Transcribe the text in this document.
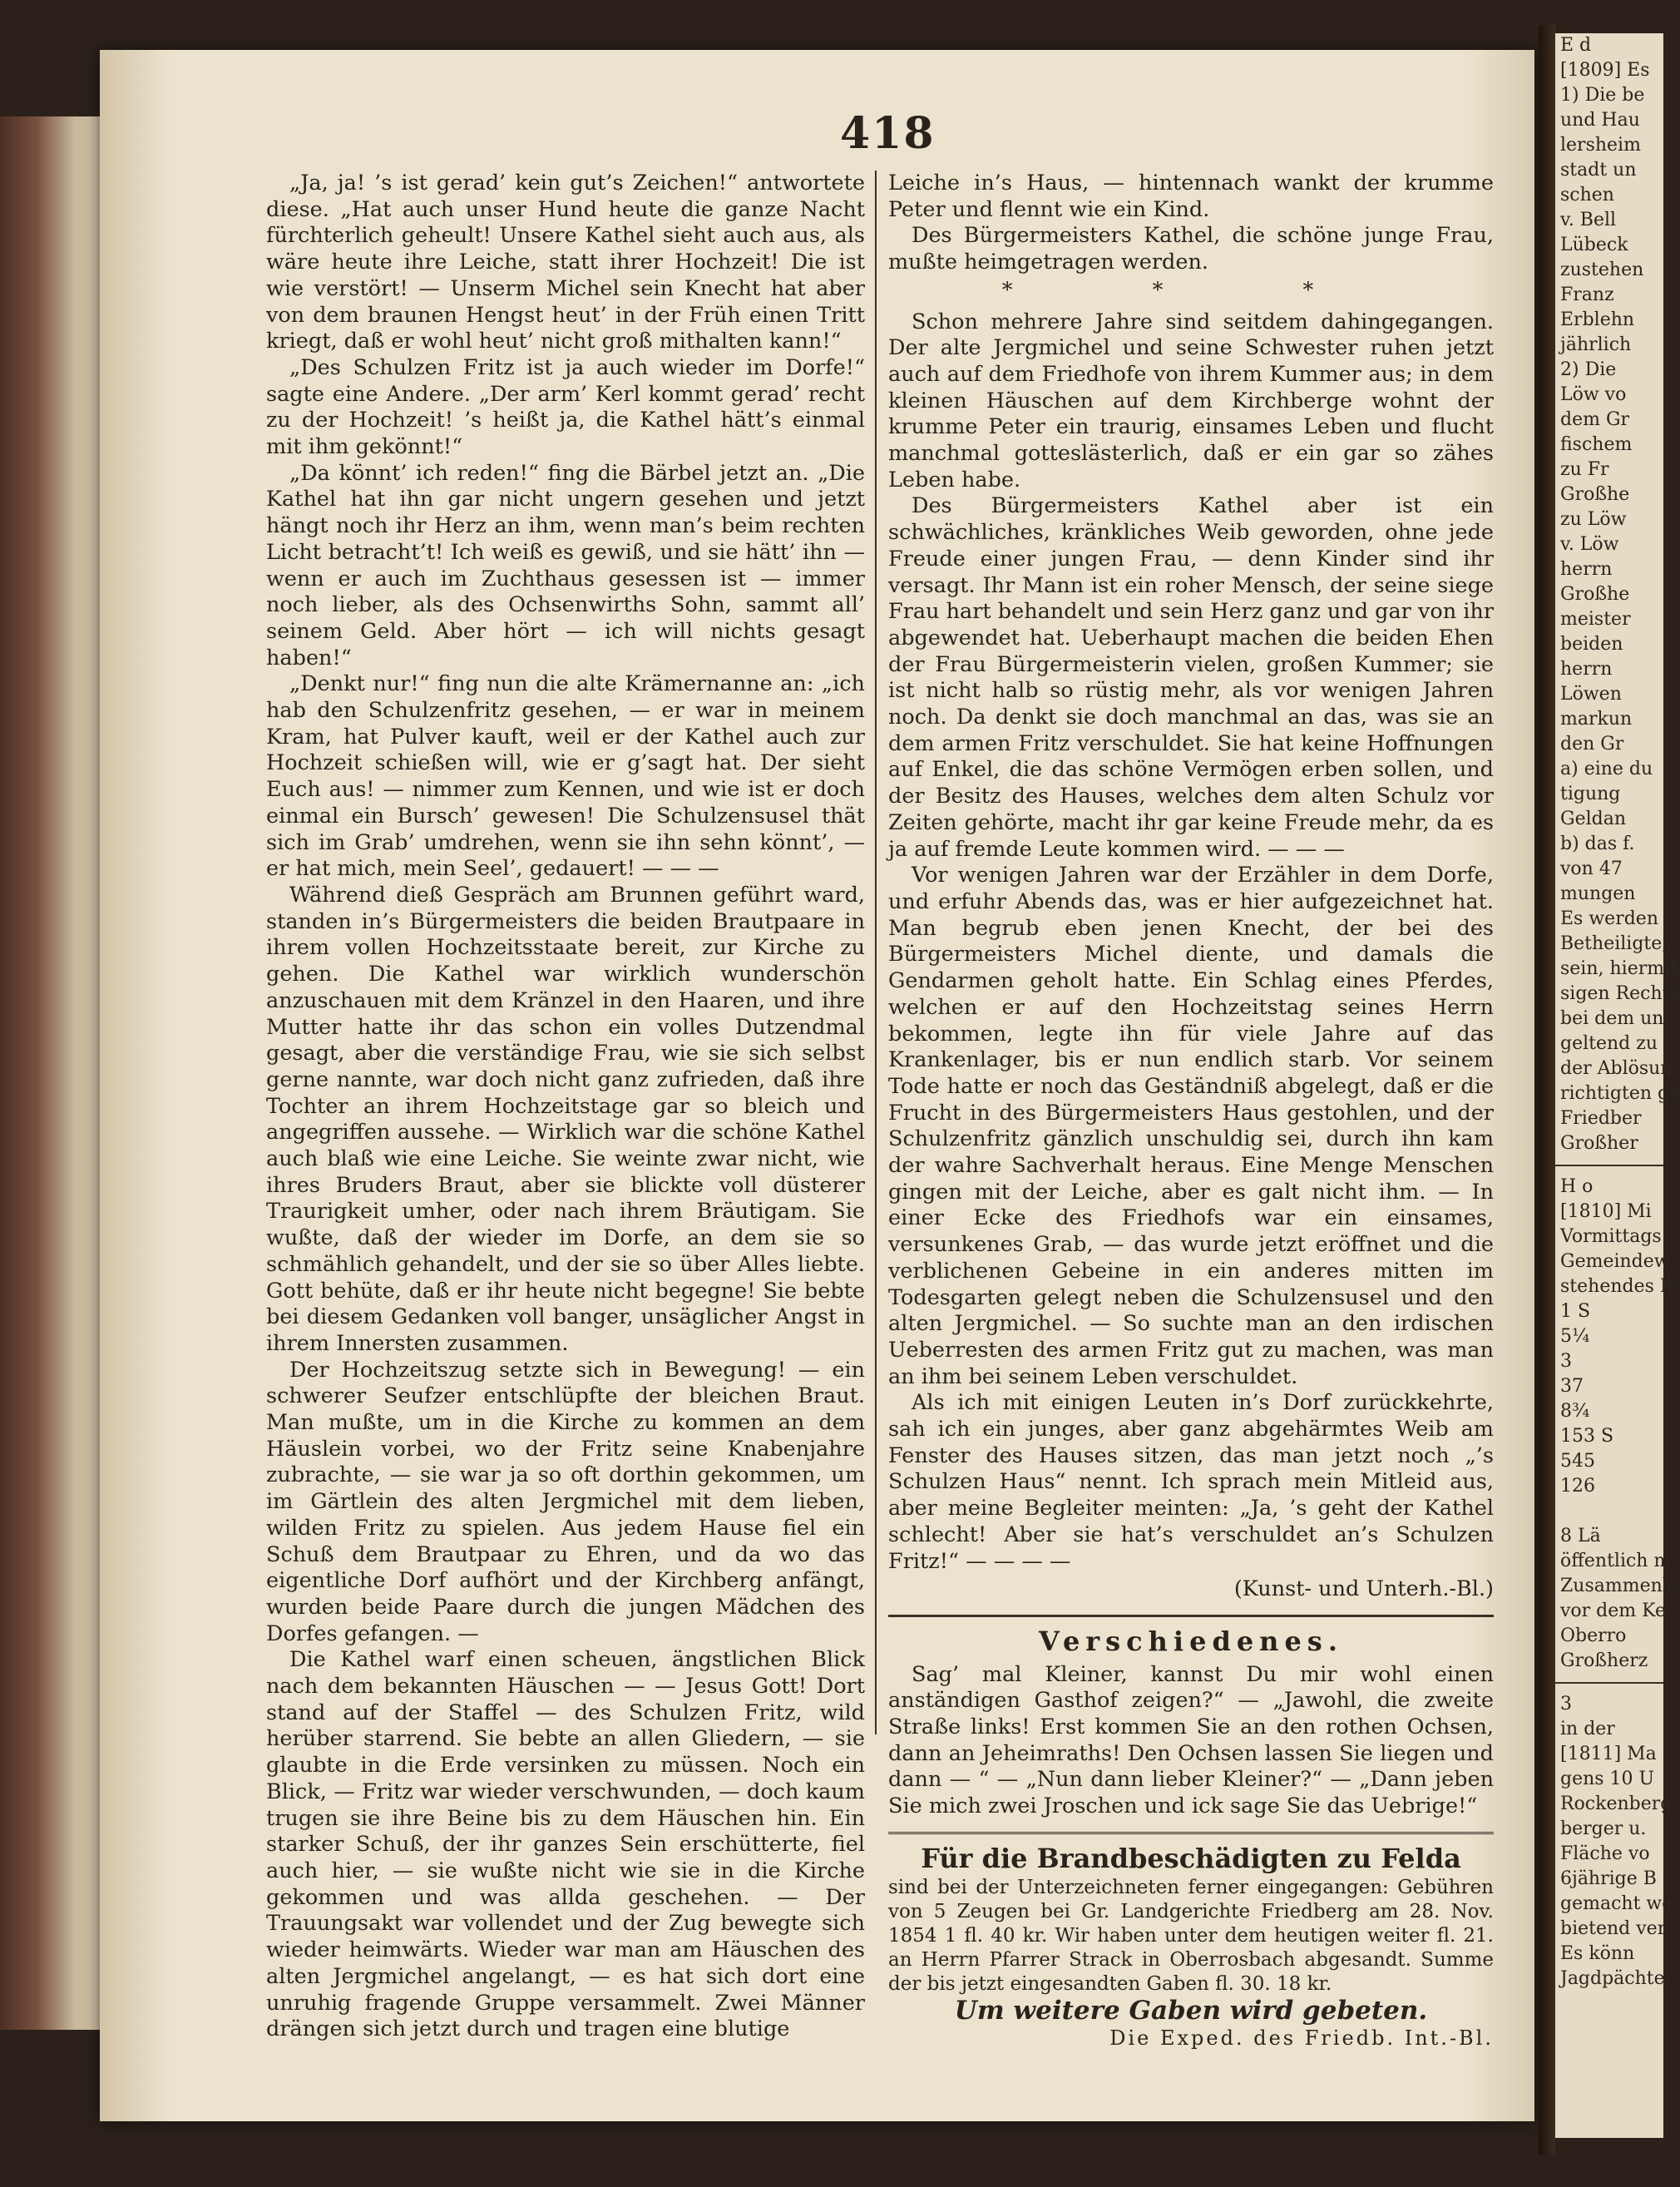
E d
[1809] Es
1) Die be
und Hau
lersheim
stadt un
schen
v. Bell
Lübeck
zustehen
Franz
Erblehn
jährlich
2) Die
Löw vo
dem Gr
fischem
zu Fr
Großhe
zu Löw
v. Löw
herrn
Großhe
meister
beiden
herrn
Löwen
markun
den Gr
a) eine du
tigung
Geldan
b) das f.
von 47
mungen
Es werden
Betheiligte,
sein, hiermit
sigen Rechts
bei dem un
geltend zu
der Ablösun
richtigten ge
Friedber
Großher
H o
[1810] Mi
Vormittags
Gemeindew
stehendes H
1 S
5¼
3
37
8¾
153 S
545
126

8 Lä
öffentlich m
Zusammenk
vor dem Ke
Oberro
Großherz
3
in der
[1811] Ma
gens 10 U
Rockenberg
berger u.
Fläche vo
6jährige B
gemacht we
bietend ver
Es könn
Jagdpächte
418

„Ja, ja! ’s ist gerad’ kein gut’s Zeichen!“ antwortete diese. „Hat auch unser Hund heute die ganze Nacht fürchterlich geheult! Unsere Kathel sieht auch aus, als wäre heute ihre Leiche, statt ihrer Hochzeit! Die ist wie verstört! — Unserm Michel sein Knecht hat aber von dem braunen Hengst heut’ in der Früh einen Tritt kriegt, daß er wohl heut’ nicht groß mithalten kann!“

„Des Schulzen Fritz ist ja auch wieder im Dorfe!“ sagte eine Andere. „Der arm’ Kerl kommt gerad’ recht zu der Hochzeit! ’s heißt ja, die Kathel hätt’s einmal mit ihm gekönnt!“

„Da könnt’ ich reden!“ fing die Bärbel jetzt an. „Die Kathel hat ihn gar nicht ungern gesehen und jetzt hängt noch ihr Herz an ihm, wenn man’s beim rechten Licht betracht’t! Ich weiß es gewiß, und sie hätt’ ihn — wenn er auch im Zuchthaus gesessen ist — immer noch lieber, als des Ochsenwirths Sohn, sammt all’ seinem Geld. Aber hört — ich will nichts gesagt haben!“

„Denkt nur!“ fing nun die alte Krämernanne an: „ich hab den Schulzenfritz gesehen, — er war in meinem Kram, hat Pulver kauft, weil er der Kathel auch zur Hochzeit schießen will, wie er g’sagt hat. Der sieht Euch aus! — nimmer zum Kennen, und wie ist er doch einmal ein Bursch’ gewesen! Die Schulzensusel thät sich im Grab’ umdrehen, wenn sie ihn sehn könnt’, — er hat mich, mein Seel’, gedauert! — — —

Während dieß Gespräch am Brunnen geführt ward, standen in’s Bürgermeisters die beiden Brautpaare in ihrem vollen Hochzeitsstaate bereit, zur Kirche zu gehen. Die Kathel war wirklich wunderschön anzuschauen mit dem Kränzel in den Haaren, und ihre Mutter hatte ihr das schon ein volles Dutzendmal gesagt, aber die verständige Frau, wie sie sich selbst gerne nannte, war doch nicht ganz zufrieden, daß ihre Tochter an ihrem Hochzeitstage gar so bleich und angegriffen aussehe. — Wirklich war die schöne Kathel auch blaß wie eine Leiche. Sie weinte zwar nicht, wie ihres Bruders Braut, aber sie blickte voll düsterer Traurigkeit umher, oder nach ihrem Bräutigam. Sie wußte, daß der wieder im Dorfe, an dem sie so schmählich gehandelt, und der sie so über Alles liebte. Gott behüte, daß er ihr heute nicht begegne! Sie bebte bei diesem Gedanken voll banger, unsäglicher Angst in ihrem Innersten zusammen.

Der Hochzeitszug setzte sich in Bewegung! — ein schwerer Seufzer entschlüpfte der bleichen Braut. Man mußte, um in die Kirche zu kommen an dem Häuslein vorbei, wo der Fritz seine Knabenjahre zubrachte, — sie war ja so oft dorthin gekommen, um im Gärtlein des alten Jergmichel mit dem lieben, wilden Fritz zu spielen. Aus jedem Hause fiel ein Schuß dem Brautpaar zu Ehren, und da wo das eigentliche Dorf aufhört und der Kirchberg anfängt, wurden beide Paare durch die jungen Mädchen des Dorfes gefangen. —

Die Kathel warf einen scheuen, ängstlichen Blick nach dem bekannten Häuschen — — Jesus Gott! Dort stand auf der Staffel — des Schulzen Fritz, wild herüber starrend. Sie bebte an allen Gliedern, — sie glaubte in die Erde versinken zu müssen. Noch ein Blick, — Fritz war wieder verschwunden, — doch kaum trugen sie ihre Beine bis zu dem Häuschen hin. Ein starker Schuß, der ihr ganzes Sein erschütterte, fiel auch hier, — sie wußte nicht wie sie in die Kirche gekommen und was allda geschehen. — Der Trauungsakt war vollendet und der Zug bewegte sich wieder heimwärts. Wieder war man am Häuschen des alten Jergmichel angelangt, — es hat sich dort eine unruhig fragende Gruppe versammelt. Zwei Männer drängen sich jetzt durch und tragen eine blutige

Leiche in’s Haus, — hintennach wankt der krumme Peter und flennt wie ein Kind.

Des Bürgermeisters Kathel, die schöne junge Frau, mußte heimgetragen werden.

* * *

Schon mehrere Jahre sind seitdem dahingegangen. Der alte Jergmichel und seine Schwester ruhen jetzt auch auf dem Friedhofe von ihrem Kummer aus; in dem kleinen Häuschen auf dem Kirchberge wohnt der krumme Peter ein traurig, einsames Leben und flucht manchmal gotteslästerlich, daß er ein gar so zähes Leben habe.

Des Bürgermeisters Kathel aber ist ein schwächliches, kränkliches Weib geworden, ohne jede Freude einer jungen Frau, — denn Kinder sind ihr versagt. Ihr Mann ist ein roher Mensch, der seine siege Frau hart behandelt und sein Herz ganz und gar von ihr abgewendet hat. Ueberhaupt machen die beiden Ehen der Frau Bürgermeisterin vielen, großen Kummer; sie ist nicht halb so rüstig mehr, als vor wenigen Jahren noch. Da denkt sie doch manchmal an das, was sie an dem armen Fritz verschuldet. Sie hat keine Hoffnungen auf Enkel, die das schöne Vermögen erben sollen, und der Besitz des Hauses, welches dem alten Schulz vor Zeiten gehörte, macht ihr gar keine Freude mehr, da es ja auf fremde Leute kommen wird. — — —

Vor wenigen Jahren war der Erzähler in dem Dorfe, und erfuhr Abends das, was er hier aufgezeichnet hat. Man begrub eben jenen Knecht, der bei des Bürgermeisters Michel diente, und damals die Gendarmen geholt hatte. Ein Schlag eines Pferdes, welchen er auf den Hochzeitstag seines Herrn bekommen, legte ihn für viele Jahre auf das Krankenlager, bis er nun endlich starb. Vor seinem Tode hatte er noch das Geständniß abgelegt, daß er die Frucht in des Bürgermeisters Haus gestohlen, und der Schulzenfritz gänzlich unschuldig sei, durch ihn kam der wahre Sachverhalt heraus. Eine Menge Menschen gingen mit der Leiche, aber es galt nicht ihm. — In einer Ecke des Friedhofs war ein einsames, versunkenes Grab, — das wurde jetzt eröffnet und die verblichenen Gebeine in ein anderes mitten im Todesgarten gelegt neben die Schulzensusel und den alten Jergmichel. — So suchte man an den irdischen Ueberresten des armen Fritz gut zu machen, was man an ihm bei seinem Leben verschuldet.

Als ich mit einigen Leuten in’s Dorf zurückkehrte, sah ich ein junges, aber ganz abgehärmtes Weib am Fenster des Hauses sitzen, das man jetzt noch „’s Schulzen Haus“ nennt. Ich sprach mein Mitleid aus, aber meine Begleiter meinten: „Ja, ’s geht der Kathel schlecht! Aber sie hat’s verschuldet an’s Schulzen Fritz!“ — — — —

(Kunst- und Unterh.-Bl.)
Verschiedenes.

Sag’ mal Kleiner, kannst Du mir wohl einen anständigen Gasthof zeigen?“ — „Jawohl, die zweite Straße links! Erst kommen Sie an den rothen Ochsen, dann an Jeheimraths! Den Ochsen lassen Sie liegen und dann — “ — „Nun dann lieber Kleiner?“ — „Dann jeben Sie mich zwei Jroschen und ick sage Sie das Uebrige!“

Für die Brandbeschädigten zu Felda

sind bei der Unterzeichneten ferner eingegangen: Gebühren von 5 Zeugen bei Gr. Landgerichte Friedberg am 28. Nov. 1854 1 fl. 40 kr. Wir haben unter dem heutigen weiter fl. 21. an Herrn Pfarrer Strack in Oberrosbach abgesandt. Summe der bis jetzt eingesandten Gaben fl. 30. 18 kr.

Um weitere Gaben wird gebeten.
Die Exped. des Friedb. Int.-Bl.
